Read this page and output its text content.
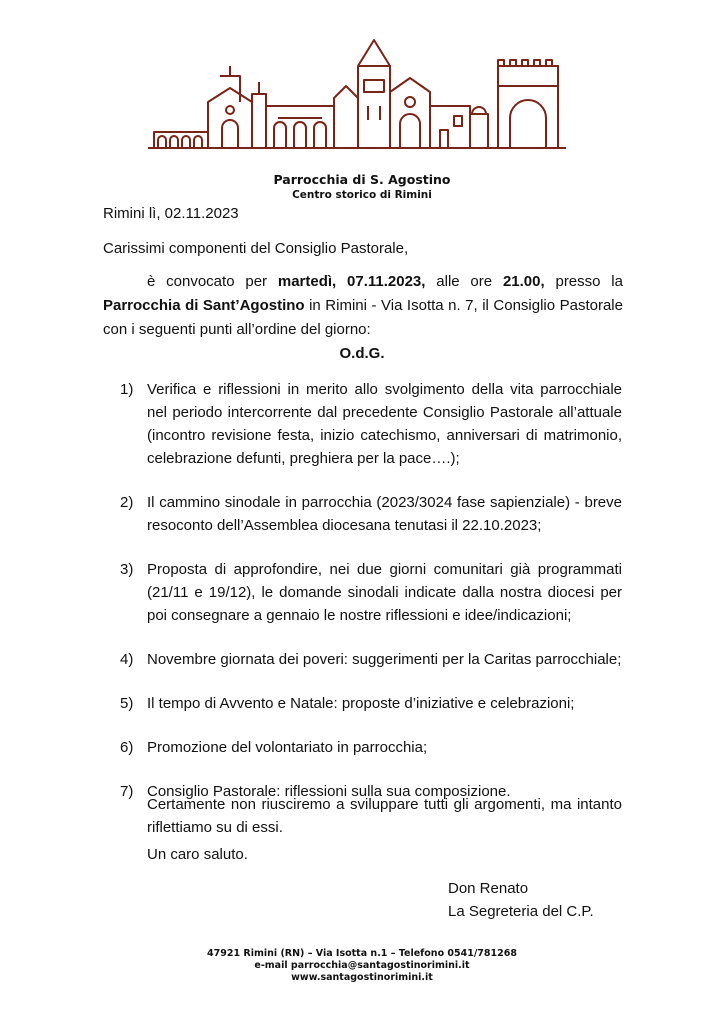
Parrocchia di S. Agostino
Centro storico di Rimini
Rimini lì, 02.11.2023
Carissimi componenti del Consiglio Pastorale,
è convocato per martedì, 07.11.2023, alle ore 21.00, presso la Parrocchia di Sant’Agostino in Rimini - Via Isotta n. 7, il Consiglio Pastorale con i seguenti punti all’ordine del giorno:
O.d.G.
1) Verifica e riflessioni in merito allo svolgimento della vita parrocchiale nel periodo intercorrente dal precedente Consiglio Pastorale all’attuale (incontro revisione festa, inizio catechismo, anniversari di matrimonio, celebrazione defunti, preghiera per la pace….);
2) Il cammino sinodale in parrocchia (2023/3024 fase sapienziale) - breve resoconto dell’Assemblea diocesana tenutasi il 22.10.2023;
3) Proposta di approfondire, nei due giorni comunitari già programmati (21/11 e 19/12), le domande sinodali indicate dalla nostra diocesi per poi consegnare a gennaio le nostre riflessioni e idee/indicazioni;
4) Novembre giornata dei poveri: suggerimenti per la Caritas parrocchiale;
5) Il tempo di Avvento e Natale: proposte d’iniziative e celebrazioni;
6) Promozione del volontariato in parrocchia;
7) Consiglio Pastorale: riflessioni sulla sua composizione.
Certamente non riusciremo a sviluppare tutti gli argomenti, ma intanto riflettiamo su di essi.
Un caro saluto.
Don Renato
La Segreteria del C.P.
47921 Rimini (RN) – Via Isotta n.1 – Telefono 0541/781268
e-mail parrocchia@santagostinorimini.it
www.santagostinorimini.it
